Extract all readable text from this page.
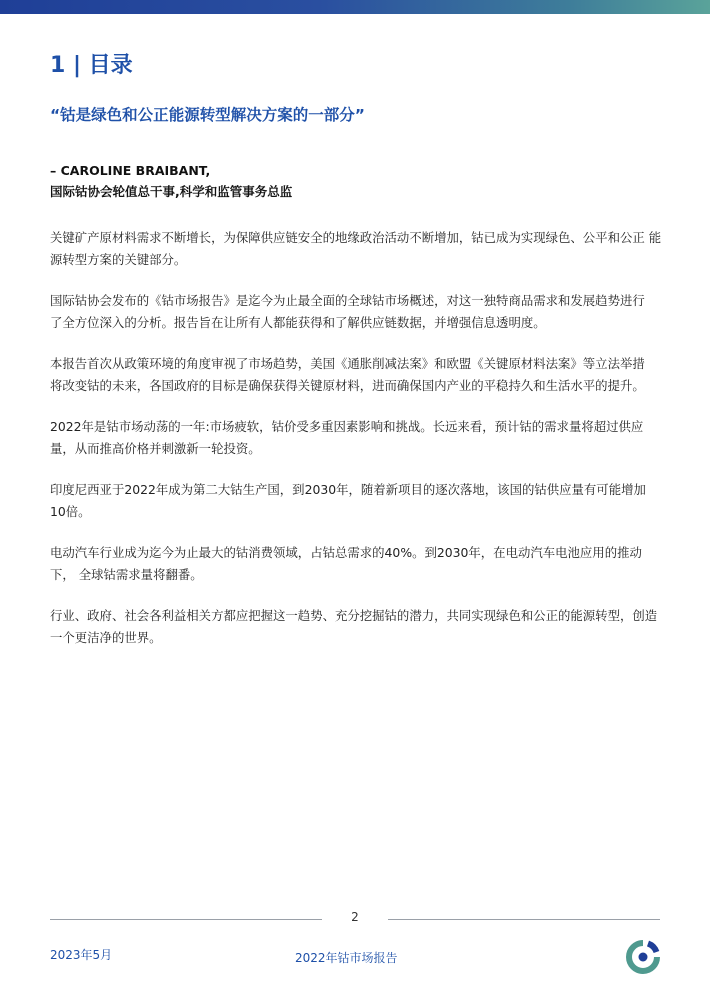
1 | 目录
“钴是绿色和公正能源转型解决方案的一部分”
– CAROLINE BRAIBANT,
国际钴协会轮值总干事,科学和监管事务总监

关键矿产原材料需求不断增长，为保障供应链安全的地缘政治活动不断增加，钴已成为实现绿色、公平和公正 能源转型方案的关键部分。

国际钴协会发布的《钴市场报告》是迄今为止最全面的全球钴市场概述，对这一独特商品需求和发展趋势进行　了全方位深入的分析。报告旨在让所有人都能获得和了解供应链数据，并增强信息透明度。

本报告首次从政策环境的角度审视了市场趋势，美国《通胀削减法案》和欧盟《关键原材料法案》等立法举措　将改变钴的未来，各国政府的目标是确保获得关键原材料，进而确保国内产业的平稳持久和生活水平的提升。

2022年是钴市场动荡的一年:市场疲软，钴价受多重因素影响和挑战。长远来看，预计钴的需求量将超过供应量，从而推高价格并刺激新一轮投资。

印度尼西亚于2022年成为第二大钴生产国，到2030年，随着新项目的逐次落地，该国的钴供应量有可能增加 10倍。

电动汽车行业成为迄今为止最大的钴消费领域，占钴总需求的40%。到2030年，在电动汽车电池应用的推动下， 全球钴需求量将翻番。

行业、政府、社会各利益相关方都应把握这一趋势、充分挖掘钴的潜力，共同实现绿色和公正的能源转型，创造一个更洁净的世界。

2
2023年5月	2022年钴市场报告
